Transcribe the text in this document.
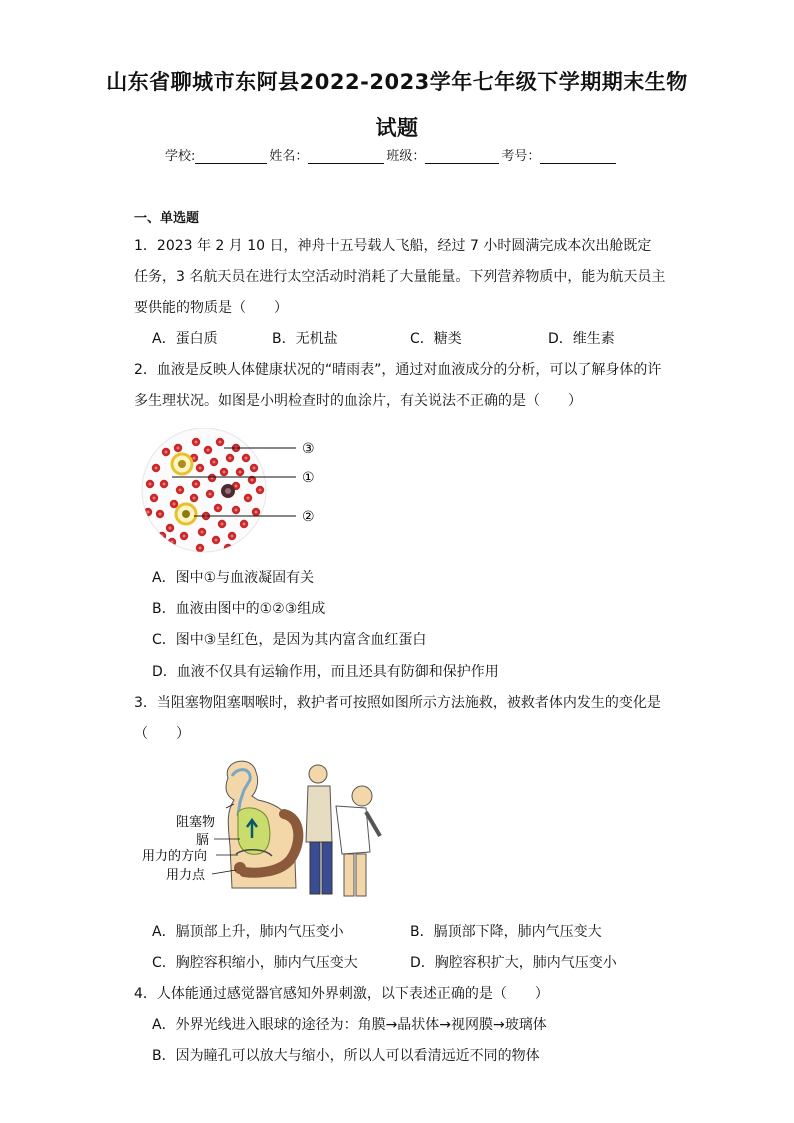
山东省聊城市东阿县2022-2023学年七年级下学期期末生物
试题
学校:	姓名：	班级：	考号：
一、单选题
1．2023 年 2 月 10 日，神舟十五号载人飞船，经过 7 小时圆满完成本次出舱既定
任务，3 名航天员在进行太空活动时消耗了大量能量。下列营养物质中，能为航天员主
要供能的物质是（　　）
A．蛋白质	B．无机盐	C．糖类	D．维生素
2．血液是反映人体健康状况的“晴雨表”，通过对血液成分的分析，可以了解身体的许
多生理状况。如图是小明检查时的血涂片，有关说法不正确的是（　　）
③
①
②
A．图中①与血液凝固有关
B．血液由图中的①②③组成
C．图中③呈红色，是因为其内富含血红蛋白
D．血液不仅具有运输作用，而且还具有防御和保护作用
3．当阻塞物阻塞咽喉时，救护者可按照如图所示方法施救，被救者体内发生的变化是
（　　）
阻塞物
膈
用力的方向
用力点
A．膈顶部上升，肺内气压变小	B．膈顶部下降，肺内气压变大
C．胸腔容积缩小，肺内气压变大	D．胸腔容积扩大，肺内气压变小
4．人体能通过感觉器官感知外界刺激，以下表述正确的是（　　）
A．外界光线进入眼球的途径为：角膜→晶状体→视网膜→玻璃体
B．因为瞳孔可以放大与缩小，所以人可以看清远近不同的物体
